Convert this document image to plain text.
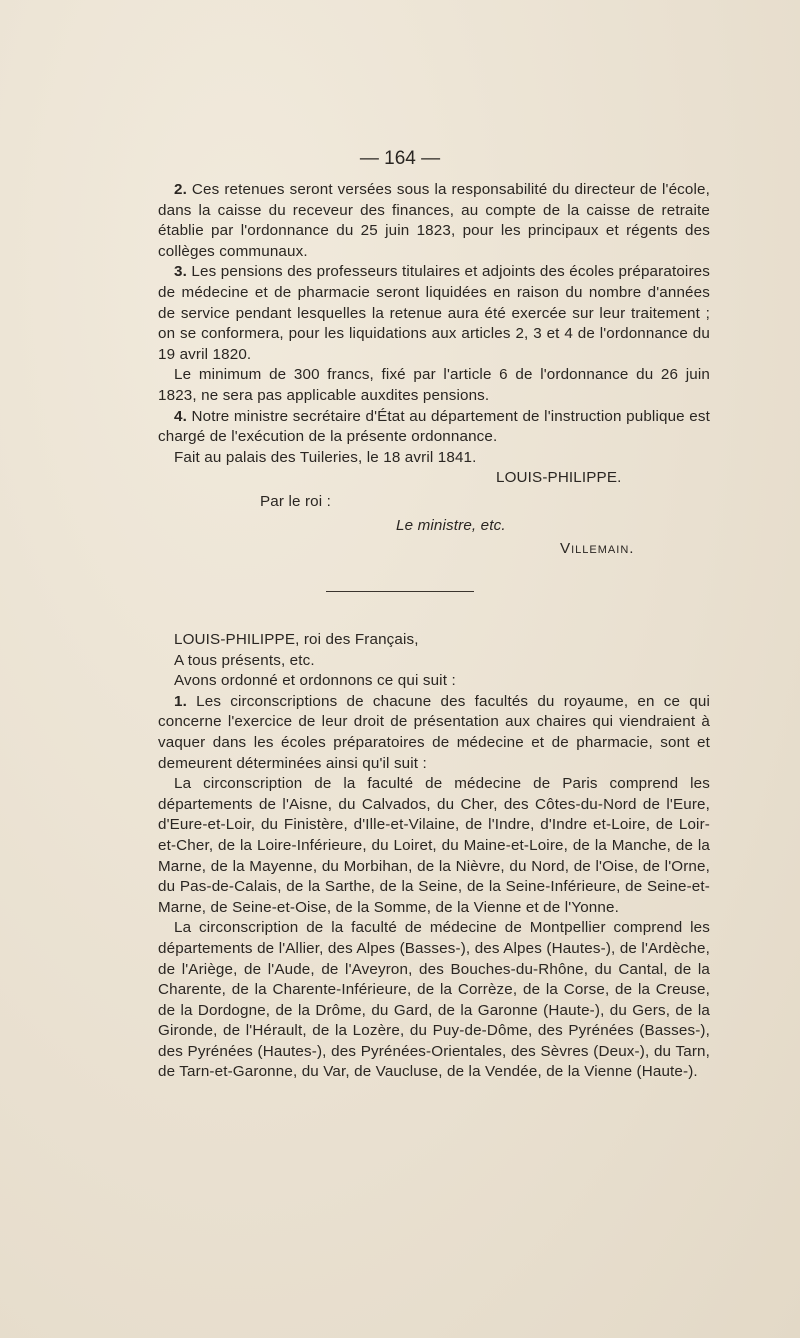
— 164 —

2. Ces retenues seront versées sous la responsabilité du directeur de l'école, dans la caisse du receveur des finances, au compte de la caisse de retraite établie par l'ordonnance du 25 juin 1823, pour les principaux et régents des collèges communaux.

3. Les pensions des professeurs titulaires et adjoints des écoles préparatoires de médecine et de pharmacie seront liquidées en raison du nombre d'années de service pendant lesquelles la retenue aura été exercée sur leur traitement ; on se conformera, pour les liquidations aux articles 2, 3 et 4 de l'ordonnance du 19 avril 1820.

Le minimum de 300 francs, fixé par l'article 6 de l'ordonnance du 26 juin 1823, ne sera pas applicable auxdites pensions.

4. Notre ministre secrétaire d'État au département de l'instruction publique est chargé de l'exécution de la présente ordonnance.

Fait au palais des Tuileries, le 18 avril 1841.

LOUIS-PHILIPPE.
Par le roi :
Le ministre, etc.
Villemain.

LOUIS-PHILIPPE, roi des Français,

A tous présents, etc.

Avons ordonné et ordonnons ce qui suit :

1. Les circonscriptions de chacune des facultés du royaume, en ce qui concerne l'exercice de leur droit de présentation aux chaires qui viendraient à vaquer dans les écoles préparatoires de médecine et de pharmacie, sont et demeurent déterminées ainsi qu'il suit :

La circonscription de la faculté de médecine de Paris comprend les départements de l'Aisne, du Calvados, du Cher, des Côtes-du-Nord de l'Eure, d'Eure-et-Loir, du Finistère, d'Ille-et-Vilaine, de l'Indre, d'Indre et-Loire, de Loir-et-Cher, de la Loire-Inférieure, du Loiret, du Maine-et-Loire, de la Manche, de la Marne, de la Mayenne, du Morbihan, de la Nièvre, du Nord, de l'Oise, de l'Orne, du Pas-de-Calais, de la Sarthe, de la Seine, de la Seine-Inférieure, de Seine-et-Marne, de Seine-et-Oise, de la Somme, de la Vienne et de l'Yonne.

La circonscription de la faculté de médecine de Montpellier comprend les départements de l'Allier, des Alpes (Basses-), des Alpes (Hautes-), de l'Ardèche, de l'Ariège, de l'Aude, de l'Aveyron, des Bouches-du-Rhône, du Cantal, de la Charente, de la Charente-Inférieure, de la Corrèze, de la Corse, de la Creuse, de la Dordogne, de la Drôme, du Gard, de la Garonne (Haute-), du Gers, de la Gironde, de l'Hérault, de la Lozère, du Puy-de-Dôme, des Pyrénées (Basses-), des Pyrénées (Hautes-), des Pyrénées-Orientales, des Sèvres (Deux-), du Tarn, de Tarn-et-Garonne, du Var, de Vaucluse, de la Vendée, de la Vienne (Haute-).
